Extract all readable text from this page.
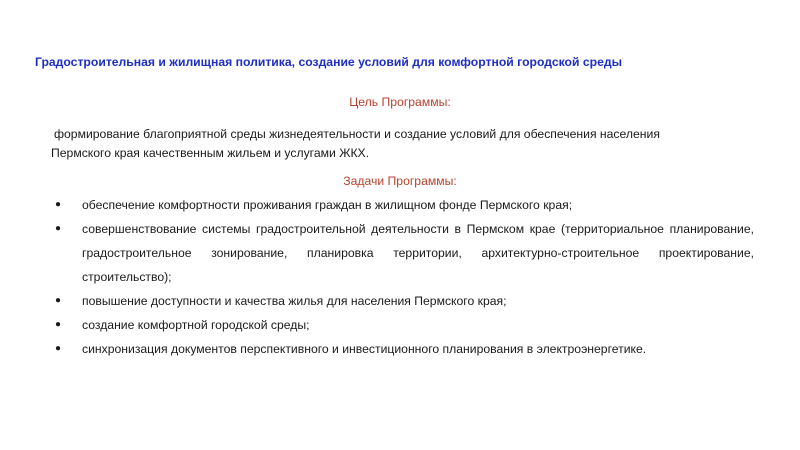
Градостроительная и жилищная политика, создание условий для комфортной городской среды
Цель Программы:
формирование благоприятной среды жизнедеятельности и создание условий для обеспечения населения
Пермского края качественным жильем и услугами ЖКХ.
Задачи Программы:
● обеспечение комфортности проживания граждан в жилищном фонде Пермского края;
● совершенствование системы градостроительной деятельности в Пермском крае (территориальное планирование, градостроительное зонирование, планировка территории, архитектурно-строительное проектирование, строительство);
● повышение доступности и качества жилья для населения Пермского края;
● создание комфортной городской среды;
● синхронизация документов перспективного и инвестиционного планирования в электроэнергетике.
